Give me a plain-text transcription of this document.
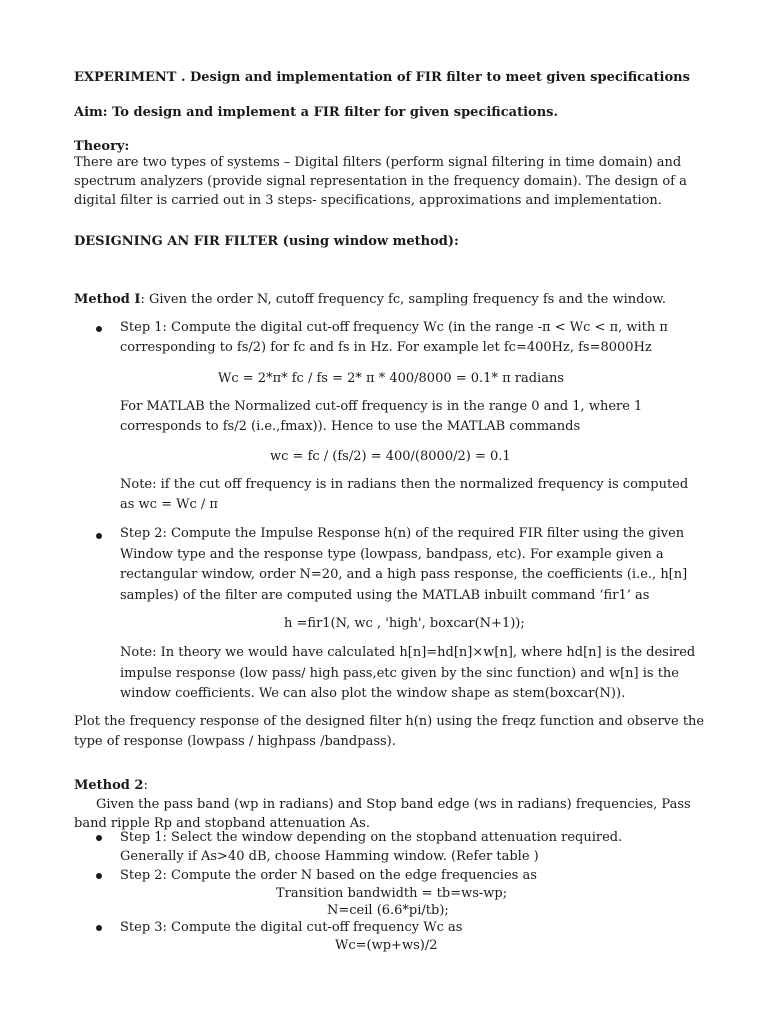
EXPERIMENT . Design and implementation of FIR filter to meet given specifications

Aim: To design and implement a FIR filter for given specifications.

Theory:

There are two types of systems – Digital filters (perform signal filtering in time domain) and spectrum analyzers (provide signal representation in the frequency domain). The design of a digital filter is carried out in 3 steps- specifications, approximations and implementation.

DESIGNING AN FIR FILTER (using window method):

Method I: Given the order N, cutoff frequency fc, sampling frequency fs and the window.

Step 1: Compute the digital cut-off frequency Wc (in the range -π < Wc < π, with π corresponding to fs/2) for fc and fs in Hz. For example let fc=400Hz, fs=8000Hz

Wc = 2*π* fc / fs = 2* π * 400/8000 = 0.1* π radians

For MATLAB the Normalized cut-off frequency is in the range 0 and 1, where 1 corresponds to fs/2 (i.e.,fmax)). Hence to use the MATLAB commands

wc = fc / (fs/2) = 400/(8000/2) = 0.1

Note: if the cut off frequency is in radians then the normalized frequency is computed as wc = Wc / π

Step 2: Compute the Impulse Response h(n) of the required FIR filter using the given Window type and the response type (lowpass, bandpass, etc). For example given a rectangular window, order N=20, and a high pass response, the coefficients (i.e., h[n] samples) of the filter are computed using the MATLAB inbuilt command ‘fir1’ as

h =fir1(N, wc , 'high', boxcar(N+1));

Note: In theory we would have calculated h[n]=hd[n]×w[n], where hd[n] is the desired impulse response (low pass/ high pass,etc given by the sinc function) and w[n] is the window coefficients. We can also plot the window shape as stem(boxcar(N)).

Plot the frequency response of the designed filter h(n) using the freqz function and observe the type of response (lowpass / highpass /bandpass).

Method 2:

Given the pass band (wp in radians) and Stop band edge (ws in radians) frequencies, Pass band ripple Rp and stopband attenuation As.

Step 1: Select the window depending on the stopband attenuation required. Generally if As>40 dB, choose Hamming window. (Refer table )

Step 2: Compute the order N based on the edge frequencies as

Transition bandwidth = tb=ws-wp;

N=ceil (6.6*pi/tb);

Step 3: Compute the digital cut-off frequency Wc as

Wc=(wp+ws)/2
